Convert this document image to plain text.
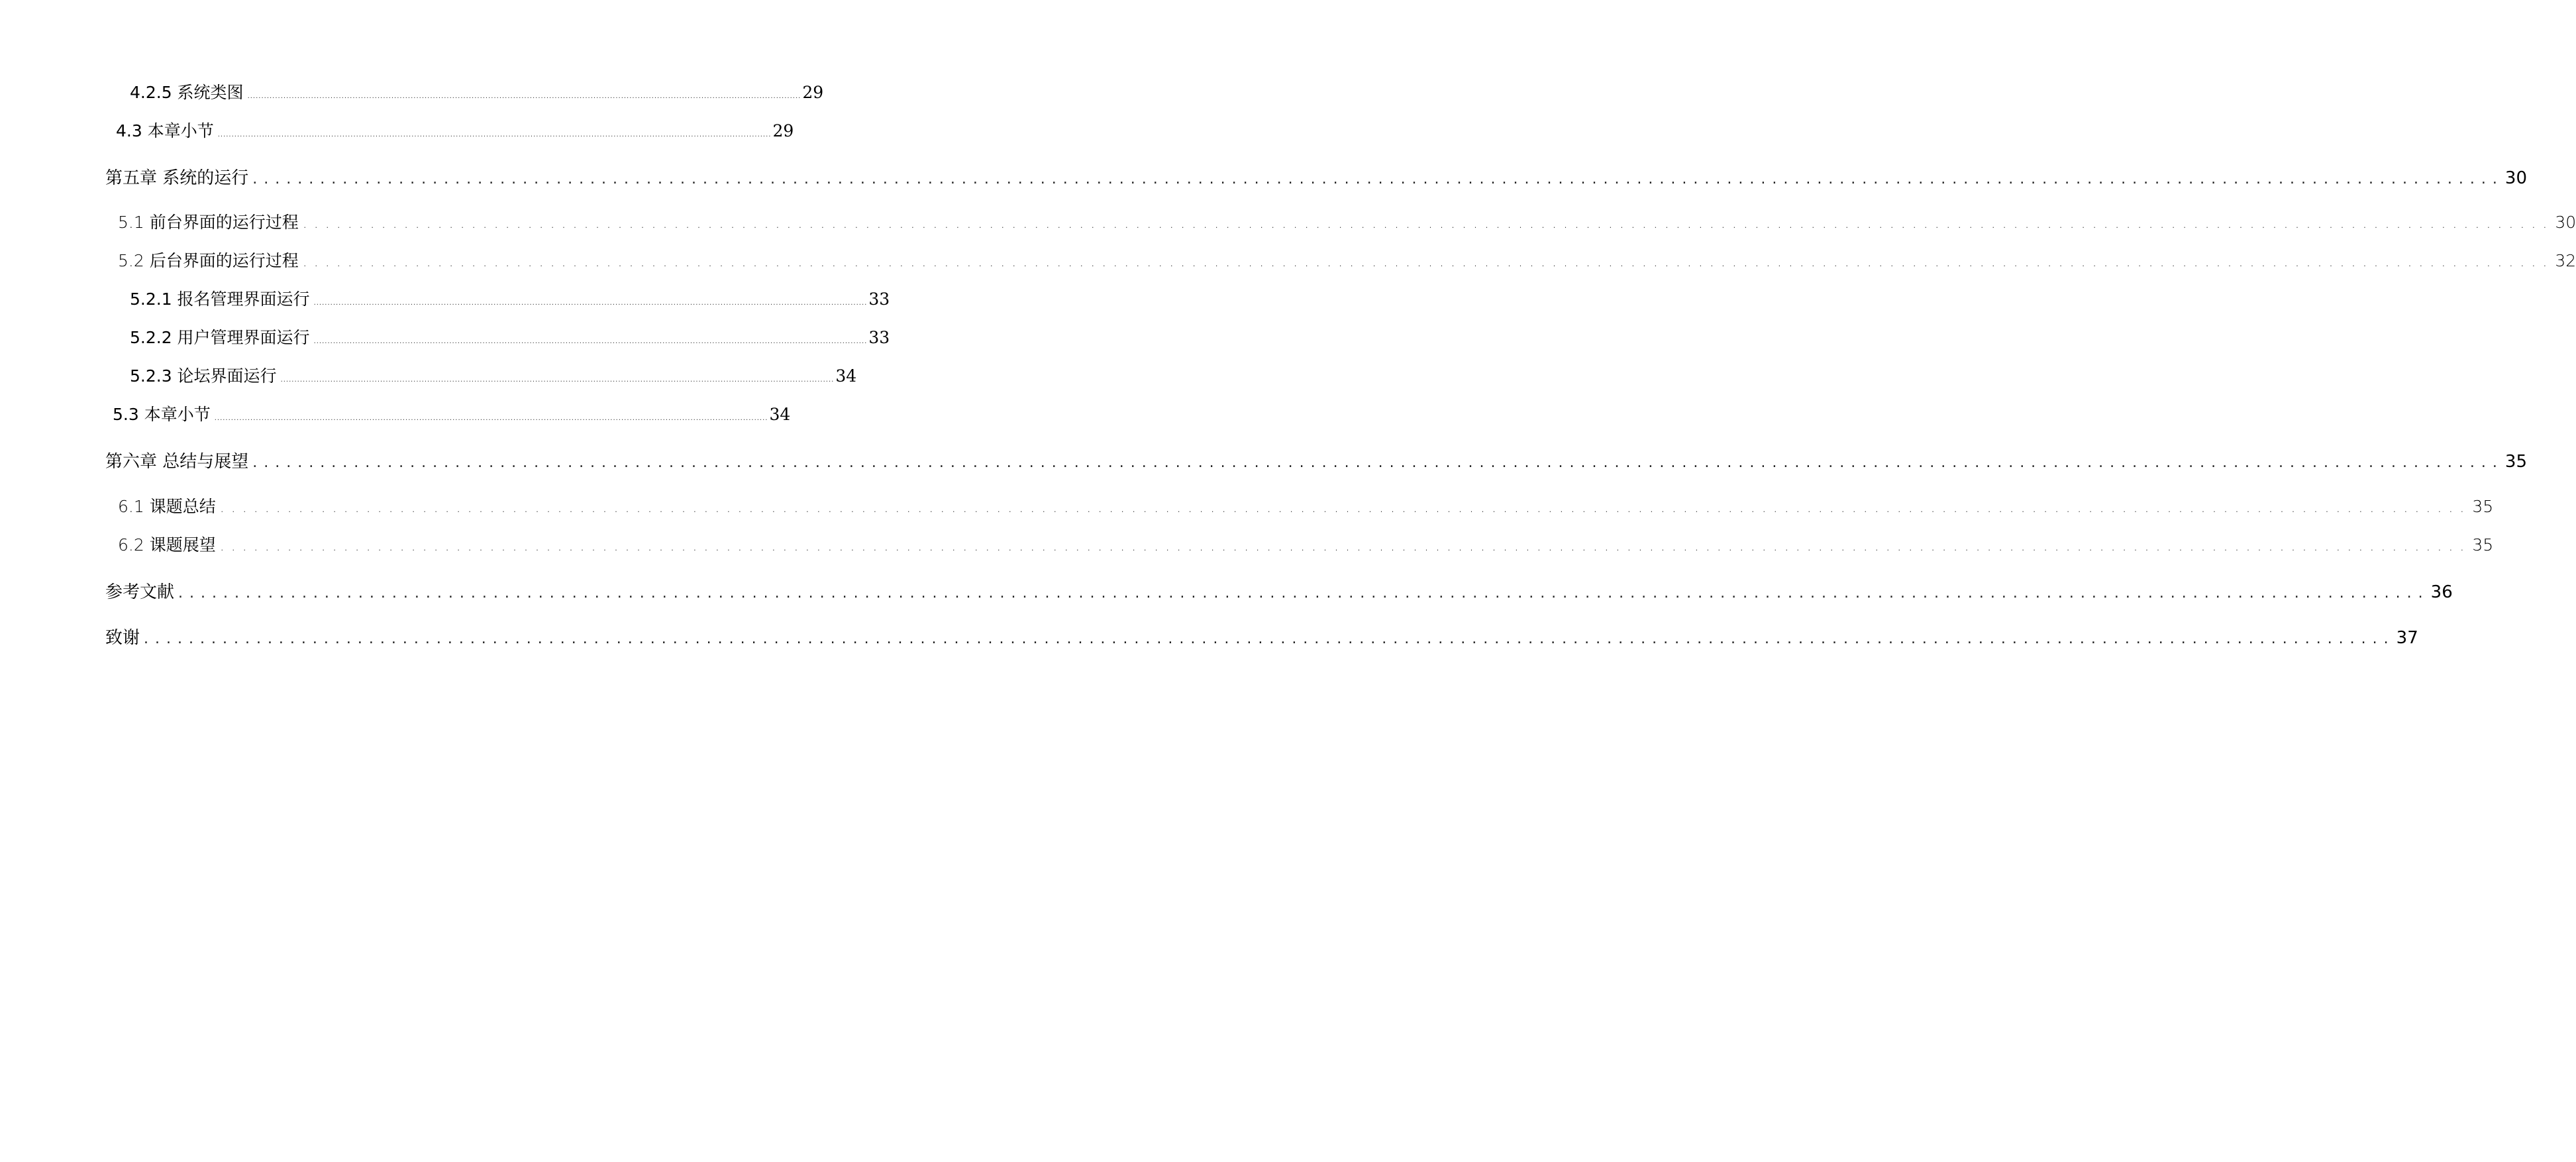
4.2.5 系统类图 ........................................................................................................................................................................................................ 29
4.3 本章小节 ........................................................................................................................................................................................................ 29
第五章 系统的运行 ........................................................................................................................................................................................................ 30
5.1 前台界面的运行过程 ........................................................................................................................................................................................................ 30
5.2 后台界面的运行过程 ........................................................................................................................................................................................................ 32
5.2.1 报名管理界面运行 ........................................................................................................................................................................................................ 33
5.2.2 用户管理界面运行 ........................................................................................................................................................................................................ 33
5.2.3 论坛界面运行 ........................................................................................................................................................................................................ 34
5.3 本章小节 ........................................................................................................................................................................................................ 34
第六章 总结与展望 ........................................................................................................................................................................................................ 35
6.1 课题总结 ........................................................................................................................................................................................................ 35
6.2 课题展望 ........................................................................................................................................................................................................ 35
参考文献 ........................................................................................................................................................................................................ 36
致谢 ........................................................................................................................................................................................................ 37
